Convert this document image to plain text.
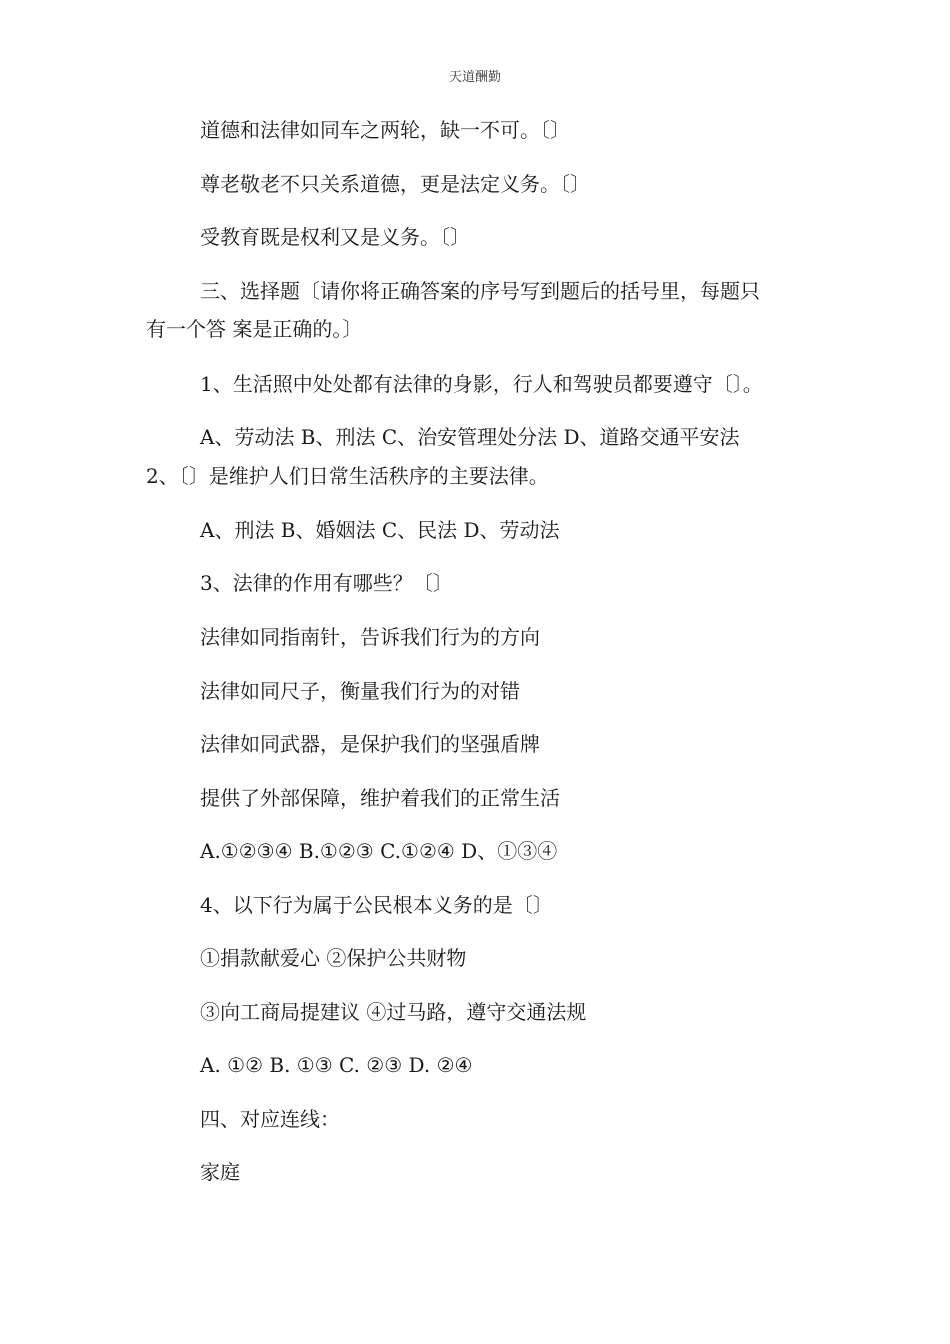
天道酬勤
道德和法律如同车之两轮，缺一不可。〔〕
尊老敬老不只关系道德，更是法定义务。〔〕
受教育既是权利又是义务。〔〕
三、选择题〔请你将正确答案的序号写到题后的括号里，每题只
有一个答 案是正确的。〕
1、生活照中处处都有法律的身影，行人和驾驶员都要遵守〔〕。
A、劳动法 B、刑法 C、治安管理处分法 D、道路交通平安法
2、〔〕是维护人们日常生活秩序的主要法律。
A、刑法 B、婚姻法 C、民法 D、劳动法
3、法律的作用有哪些？〔〕
法律如同指南针，告诉我们行为的方向
法律如同尺子，衡量我们行为的对错
法律如同武器，是保护我们的坚强盾牌
提供了外部保障，维护着我们的正常生活
A.①②③④ B.①②③ C.①②④ D、①③④
4、以下行为属于公民根本义务的是〔〕
①捐款献爱心 ②保护公共财物
③向工商局提建议 ④过马路，遵守交通法规
A. ①② B. ①③ C. ②③ D. ②④
四、对应连线：
家庭
